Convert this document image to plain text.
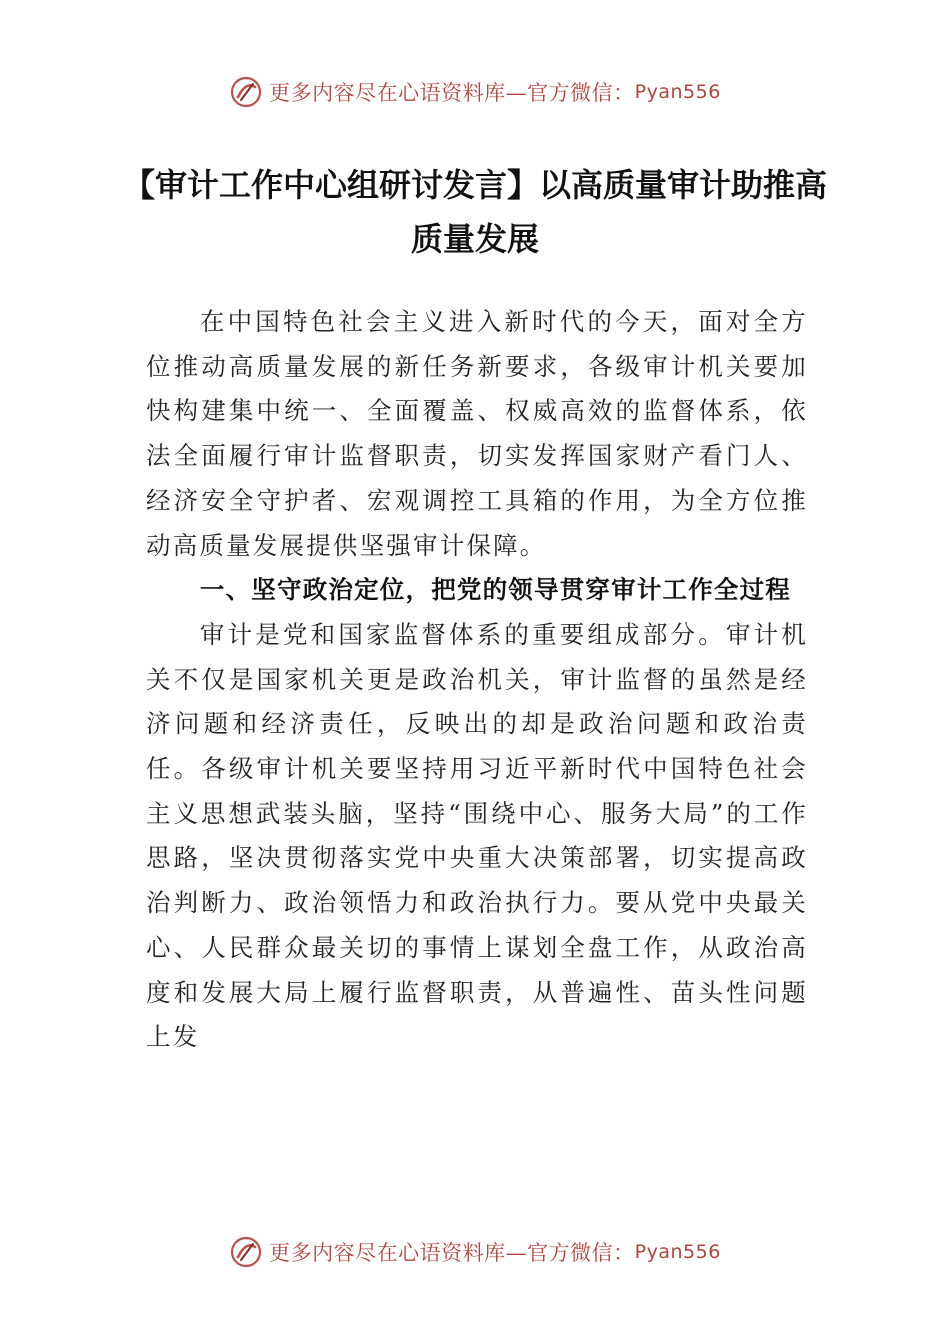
更多内容尽在心语资料库—官方微信： Pyan556
【审计工作中心组研讨发言】以高质量审计助推高质量发展

在中国特色社会主义进入新时代的今天，面对全方位推动高质量发展的新任务新要求，各级审计机关要加快构建集中统一、全面覆盖、权威高效的监督体系，依法全面履行审计监督职责，切实发挥国家财产看门人、经济安全守护者、宏观调控工具箱的作用，为全方位推动高质量发展提供坚强审计保障。

一、坚守政治定位，把党的领导贯穿审计工作全过程

审计是党和国家监督体系的重要组成部分。审计机关不仅是国家机关更是政治机关，审计监督的虽然是经济问题和经济责任，反映出的却是政治问题和政治责任。各级审计机关要坚持用习近平新时代中国特色社会主义思想武装头脑，坚持“围绕中心、服务大局”的工作思路，坚决贯彻落实党中央重大决策部署，切实提高政治判断力、政治领悟力和政治执行力。要从党中央最关心、人民群众最关切的事情上谋划全盘工作，从政治高度和发展大局上履行监督职责，从普遍性、苗头性问题上发

更多内容尽在心语资料库—官方微信： Pyan556
